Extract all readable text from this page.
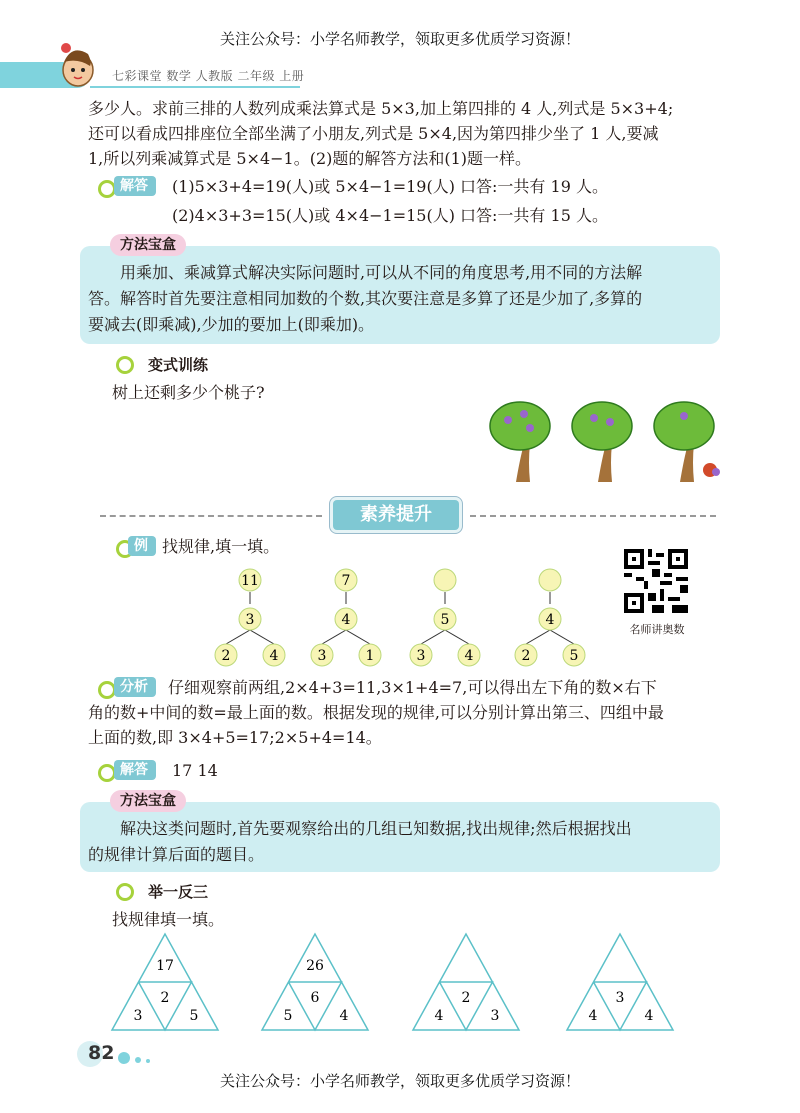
关注公众号：小学名师教学，领取更多优质学习资源！
七彩课堂 数学 人教版 二年级 上册
多少人。求前三排的人数列成乘法算式是 5×3,加上第四排的 4 人,列式是 5×3+4;
还可以看成四排座位全部坐满了小朋友,列式是 5×4,因为第四排少坐了 1 人,要减
1,所以列乘减算式是 5×4−1。(2)题的解答方法和(1)题一样。
解答	(1)5×3+4=19(人)或 5×4−1=19(人) 口答:一共有 19 人。
(2)4×3+3=15(人)或 4×4−1=15(人) 口答:一共有 15 人。
方法宝盒
用乘加、乘减算式解决实际问题时,可以从不同的角度思考,用不同的方法解
答。解答时首先要注意相同加数的个数,其次要注意是多算了还是少加了,多算的
要减去(即乘减),少加的要加上(即乘加)。
变式训练
树上还剩多少个桃子?
素养提升
例 找规律,填一填。
11
3
2	4
7
4
3	1
5
3	4
4
2	5
名师讲奥数
分析	仔细观察前两组,2×4+3=11,3×1+4=7,可以得出左下角的数×右下
角的数+中间的数=最上面的数。根据发现的规律,可以分别计算出第三、四组中最
上面的数,即 3×4+5=17;2×5+4=14。
解答	17 14
方法宝盒
解决这类问题时,首先要观察给出的几组已知数据,找出规律;然后根据找出
的规律计算后面的题目。
举一反三
找规律填一填。
17
2
3	5
26
6
5	4
2
4	3
3
4	4
82
关注公众号：小学名师教学，领取更多优质学习资源！
